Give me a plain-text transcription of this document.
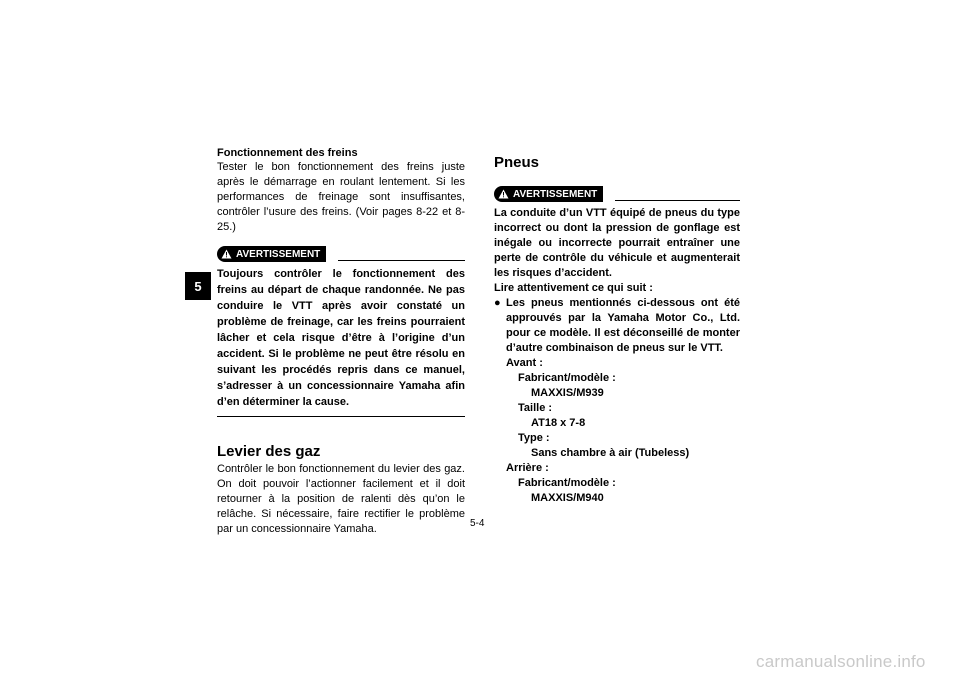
5

Fonctionnement des freins

Tester le bon fonctionnement des freins juste après le démarrage en roulant lentement. Si les performances de freinage sont insuffisantes, contrôler l’usure des freins. (Voir pages 8-22 et 8-25.)

AVERTISSEMENT

Toujours contrôler le fonctionnement des freins au départ de chaque randonnée. Ne pas conduire le VTT après avoir constaté un problème de freinage, car les freins pourraient lâcher et cela risque d’être à l’origine d’un accident. Si le problème ne peut être résolu en suivant les procédés repris dans ce manuel, s’adresser à un concessionnaire Yamaha afin d’en déterminer la cause.

Levier des gaz

Contrôler le bon fonctionnement du levier des gaz. On doit pouvoir l’actionner facilement et il doit retourner à la position de ralenti dès qu’on le relâche. Si nécessaire, faire rectifier le problème par un concessionnaire Yamaha.

Pneus

AVERTISSEMENT

La conduite d’un VTT équipé de pneus du type incorrect ou dont la pression de gonflage est inégale ou incorrecte pourrait entraîner une perte de contrôle du véhicule et augmenterait les risques d’accident.

Lire attentivement ce qui suit :

● Les pneus mentionnés ci-dessous ont été approuvés par la Yamaha Motor Co., Ltd. pour ce modèle. Il est déconseillé de monter d’autre combinaison de pneus sur le VTT.

Avant :

Fabricant/modèle :

MAXXIS/M939

Taille :

AT18 x 7-8

Type :

Sans chambre à air (Tubeless)

Arrière :

Fabricant/modèle :

MAXXIS/M940

5-4
carmanualsonline.info
